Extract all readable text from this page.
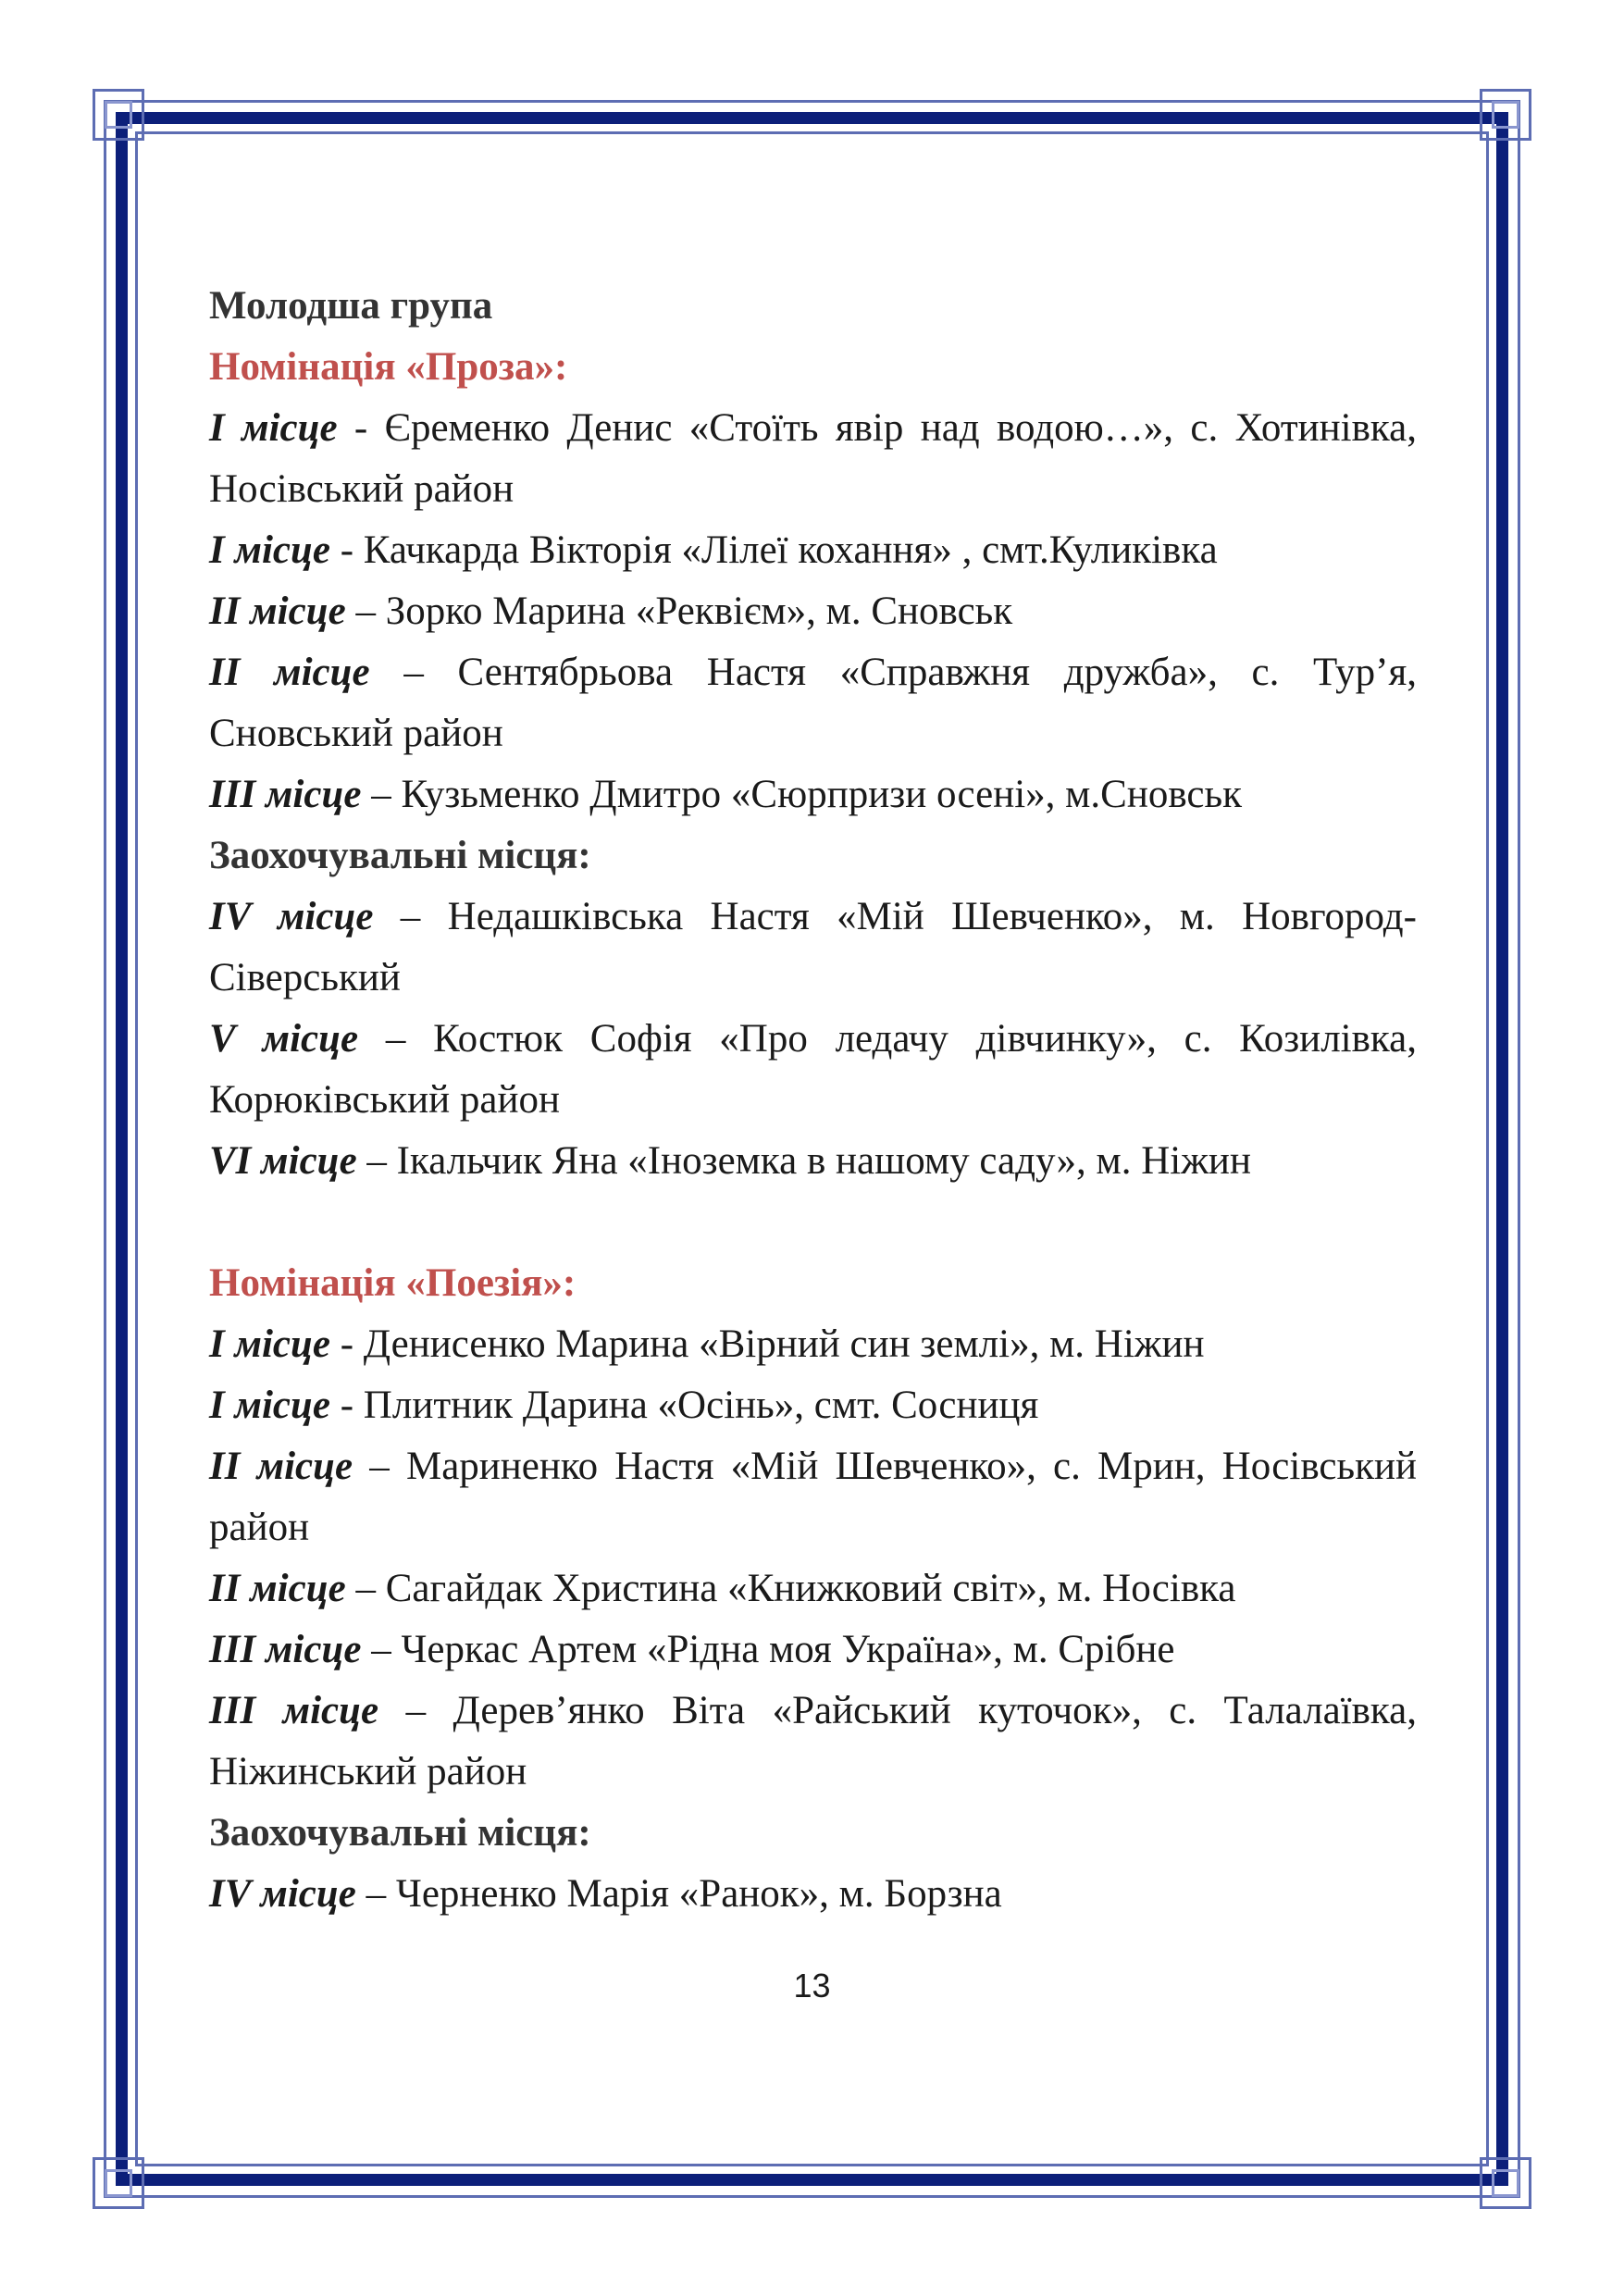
Молодша група

Номінація «Проза»:

I місце - Єременко Денис «Стоїть явір над водою…», с. Хотинівка, Носівський район

I місце - Качкарда Вікторія «Лілеї кохання» , смт.Куликівка

II місце – Зорко Марина «Реквієм», м. Сновськ

II місце – Сентябрьова Настя «Справжня дружба», с. Тур’я, Сновський район

III місце – Кузьменко Дмитро «Сюрпризи осені», м.Сновськ

Заохочувальні місця:

IV місце – Недашківська Настя «Мій Шевченко», м. Новгород-Сіверський

V місце – Костюк Софія «Про ледачу дівчинку», с. Козилівка, Корюківський район

VI місце – Ікальчик Яна «Іноземка в нашому саду», м. Ніжин

Номінація «Поезія»:

I місце - Денисенко Марина «Вірний син землі», м. Ніжин

I місце - Плитник Дарина «Осінь», смт. Сосниця

II місце – Мариненко Настя «Мій Шевченко», с. Мрин, Носівський район

II місце – Сагайдак Христина «Книжковий світ», м. Носівка

III місце – Черкас Артем «Рідна моя Україна», м. Срібне

III місце – Дерев’янко Віта «Райський куточок», с. Талалаївка, Ніжинський район

Заохочувальні місця:

IV місце – Черненко Марія «Ранок», м. Борзна

13
